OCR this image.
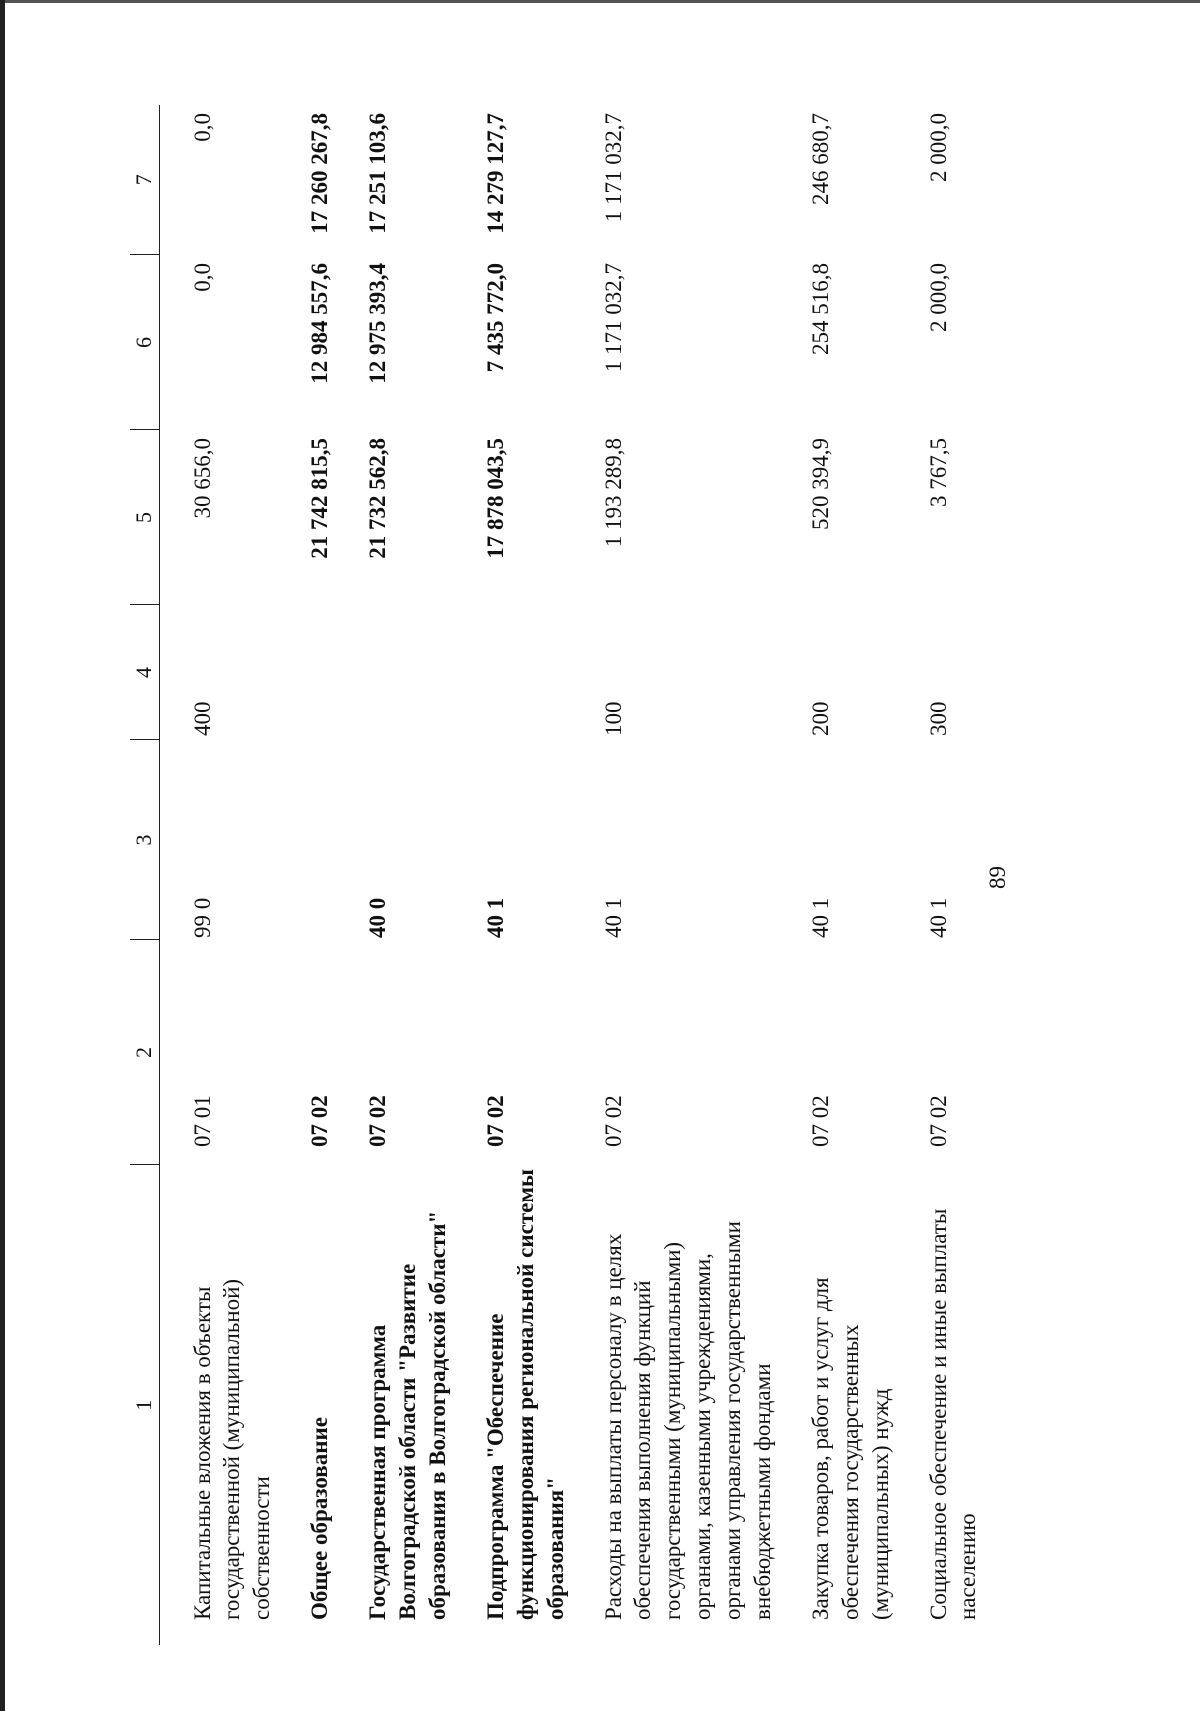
89
1	2	3	4	5	6	7
Капитальные вложения в объекты государственной (муниципальной) собственности	07 01	99 0	400	30 656,0	0,0	0,0
Общее образование	07 02			21 742 815,5	12 984 557,6	17 260 267,8
Государственная программа Волгоградской области "Развитие образования в Волгоградской области"	07 02	40 0		21 732 562,8	12 975 393,4	17 251 103,6
Подпрограмма "Обеспечение функционирования региональной системы образования"	07 02	40 1		17 878 043,5	7 435 772,0	14 279 127,7
Расходы на выплаты персоналу в целях обеспечения выполнения функций государственными (муниципальными) органами, казенными учреждениями, органами управления государственными внебюджетными фондами	07 02	40 1	100	1 193 289,8	1 171 032,7	1 171 032,7
Закупка товаров, работ и услуг для обеспечения государственных (муниципальных) нужд	07 02	40 1	200	520 394,9	254 516,8	246 680,7
Социальное обеспечение и иные выплаты населению	07 02	40 1	300	3 767,5	2 000,0	2 000,0
